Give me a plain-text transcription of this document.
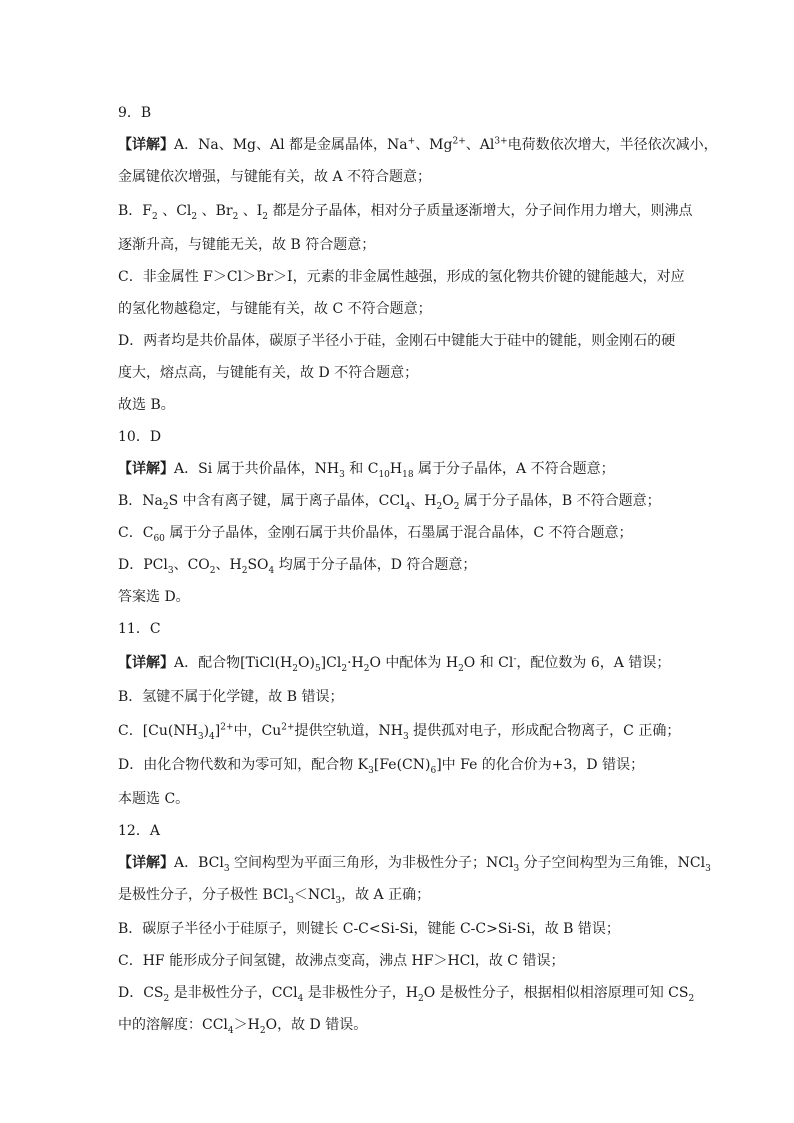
9．B
【详解】A．Na、Mg、Al 都是金属晶体，Na+、$Mg^{2+}$、$Al^{3+}$电荷数依次增大，半径依次减小，
金属键依次增强，与键能有关，故 A 不符合题意；
B．$F_2$ 、$Cl_2$ 、$Br_2$ 、$I_2$ 都是分子晶体，相对分子质量逐渐增大，分子间作用力增大，则沸点
逐渐升高，与键能无关，故 B 符合题意；
C．非金属性 F＞Cl＞Br＞I，元素的非金属性越强，形成的氢化物共价键的键能越大，对应
的氢化物越稳定，与键能有关，故 C 不符合题意；
D．两者均是共价晶体，碳原子半径小于硅，金刚石中键能大于硅中的键能，则金刚石的硬
度大，熔点高，与键能有关，故 D 不符合题意；
故选 B。
10．D
【详解】A．Si 属于共价晶体，$NH_3$ 和 $C_{10}H_{18}$ 属于分子晶体，A 不符合题意；
B．$Na_2S$ 中含有离子键，属于离子晶体，CCl$_4$、$H_2O_2$ 属于分子晶体，B 不符合题意；
C．$C_{60}$ 属于分子晶体，金刚石属于共价晶体，石墨属于混合晶体，C 不符合题意；
D．PCl$_3$、$CO_2$、$H_2SO_4$ 均属于分子晶体，D 符合题意；
答案选 D。
11．C
【详解】A．配合物$[TiCl(H_2O)_5]Cl_2\cdot H_2O$ 中配体为 $H_2O$ 和 Cl-，配位数为 6，A 错误；
B．氢键不属于化学键，故 B 错误；
C．$[Cu(NH_3)_4]^{2+}$中，$Cu^{2+}$提供空轨道，$NH_3$ 提供孤对电子，形成配合物离子，C 正确；
D．由化合物代数和为零可知，配合物 $K_3[Fe(CN)_6]$中 Fe 的化合价为+3，D 错误；
本题选 C。
12．A
【详解】A．BCl$_3$ 空间构型为平面三角形，为非极性分子；NCl$_3$ 分子空间构型为三角锥，NCl$_3$
是极性分子，分子极性 BCl$_3$＜NCl$_3$，故 A 正确；
B．碳原子半径小于硅原子，则键长 C-C<Si-Si，键能 C-C>Si-Si，故 B 错误；
C．HF 能形成分子间氢键，故沸点变高，沸点 HF＞HCl，故 C 错误；
D．$CS_2$ 是非极性分子，CCl$_4$ 是非极性分子，$H_2O$ 是极性分子，根据相似相溶原理可知 $CS_2$
中的溶解度：$CCl_4>H_2O$，故 D 错误。
